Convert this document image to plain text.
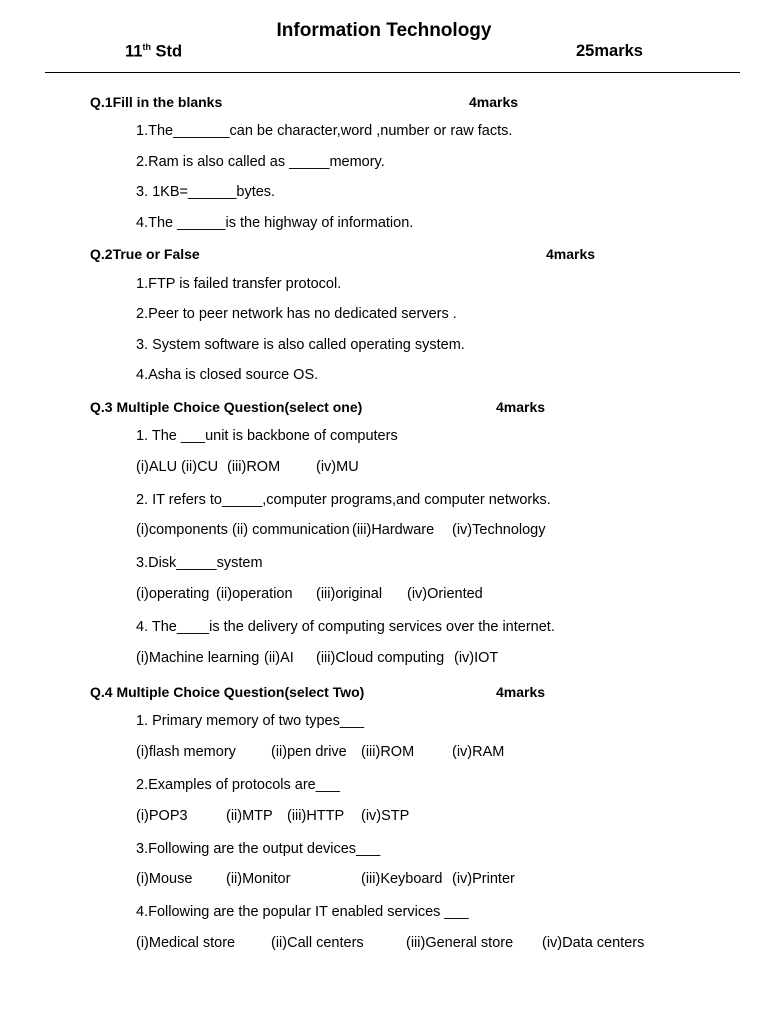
Information Technology
11th Std	25marks
Q.1Fill in the blanks	4marks
1.The_______can be character,word ,number or raw facts.
2.Ram is also called as _____memory.
3. 1KB=______bytes.
4.The ______is the highway of information.
Q.2True or False	4marks
1.FTP is failed transfer protocol.
2.Peer to peer network has no dedicated servers .
3. System software is also called operating system.
4.Asha is closed source OS.
Q.3 Multiple Choice Question(select one)	4marks
1. The ___unit is backbone of computers
(i)ALU (ii)CU (iii)ROM (iv)MU
2. IT refers to_____,computer programs,and computer networks.
(i)components (ii) communication (iii)Hardware (iv)Technology
3.Disk_____system
(i)operating (ii)operation (iii)original (iv)Oriented
4. The____is the delivery of computing services over the internet.
(i)Machine learning (ii)AI (iii)Cloud computing (iv)IOT
Q.4 Multiple Choice Question(select Two)	4marks
1. Primary memory of two types___
(i)flash memory (ii)pen drive (iii)ROM	(iv)RAM
2.Examples of protocols are___
(i)POP3	(ii)MTP (iii)HTTP (iv)STP
3.Following are the output devices___
(i)Mouse (ii)Monitor	(iii)Keyboard (iv)Printer
4.Following are the popular IT enabled services ___
(i)Medical store (ii)Call centers	(iii)General store (iv)Data centers
